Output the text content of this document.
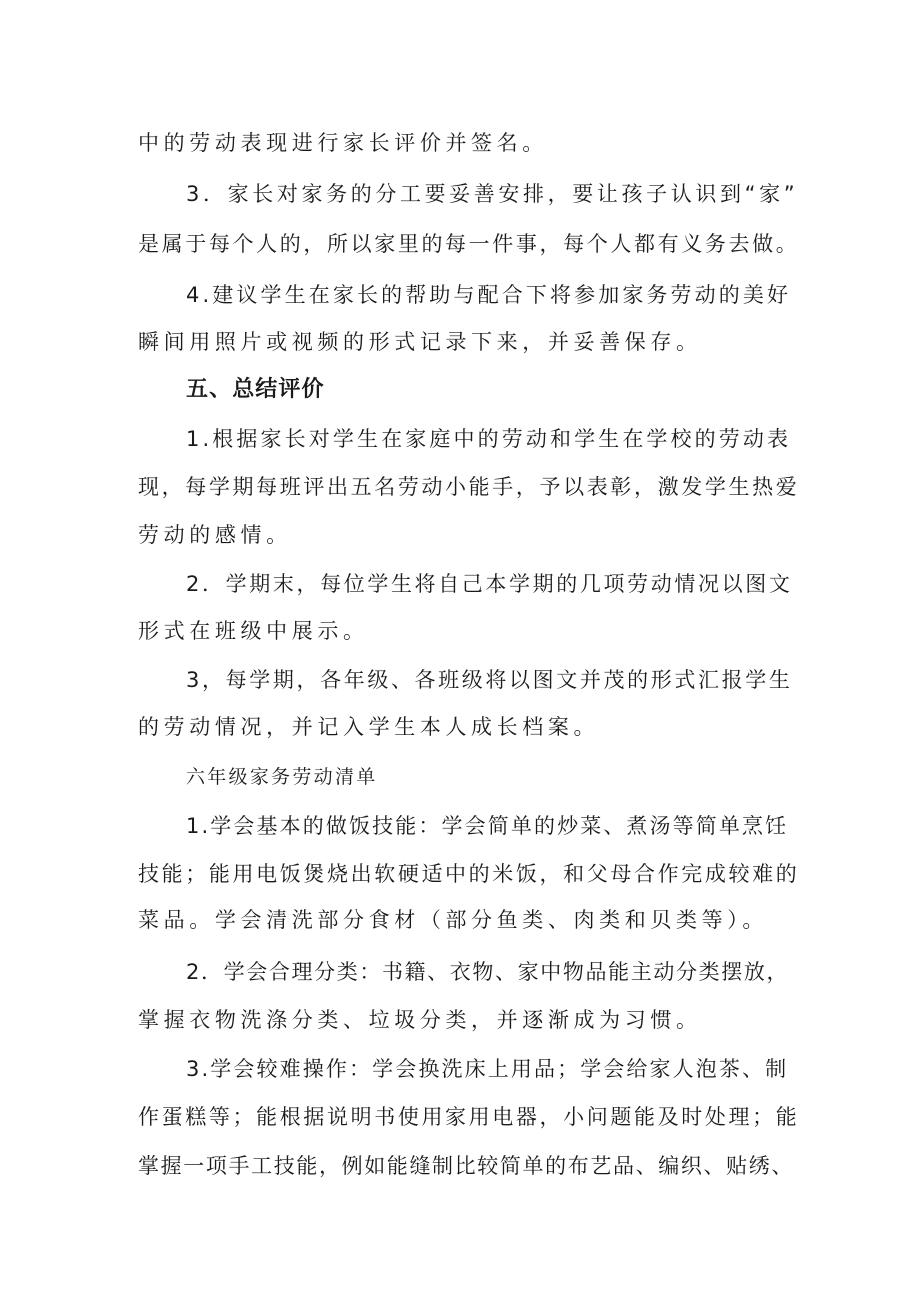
中的劳动表现进行家长评价并签名。
3．家长对家务的分工要妥善安排，要让孩子认识到“家”
是属于每个人的，所以家里的每一件事，每个人都有义务去做。
4.建议学生在家长的帮助与配合下将参加家务劳动的美好
瞬间用照片或视频的形式记录下来，并妥善保存。
五、总结评价
1.根据家长对学生在家庭中的劳动和学生在学校的劳动表
现，每学期每班评出五名劳动小能手，予以表彰，激发学生热爱
劳动的感情。
2．学期末，每位学生将自己本学期的几项劳动情况以图文
形式在班级中展示。
3，每学期，各年级、各班级将以图文并茂的形式汇报学生
的劳动情况，并记入学生本人成长档案。
六年级家务劳动清单
1.学会基本的做饭技能：学会简单的炒菜、煮汤等简单烹饪
技能；能用电饭煲烧出软硬适中的米饭，和父母合作完成较难的
菜品。学会清洗部分食材（部分鱼类、肉类和贝类等）。
2．学会合理分类：书籍、衣物、家中物品能主动分类摆放，
掌握衣物洗涤分类、垃圾分类，并逐渐成为习惯。
3.学会较难操作：学会换洗床上用品；学会给家人泡茶、制
作蛋糕等；能根据说明书使用家用电器，小问题能及时处理；能
掌握一项手工技能，例如能缝制比较简单的布艺品、编织、贴绣、
